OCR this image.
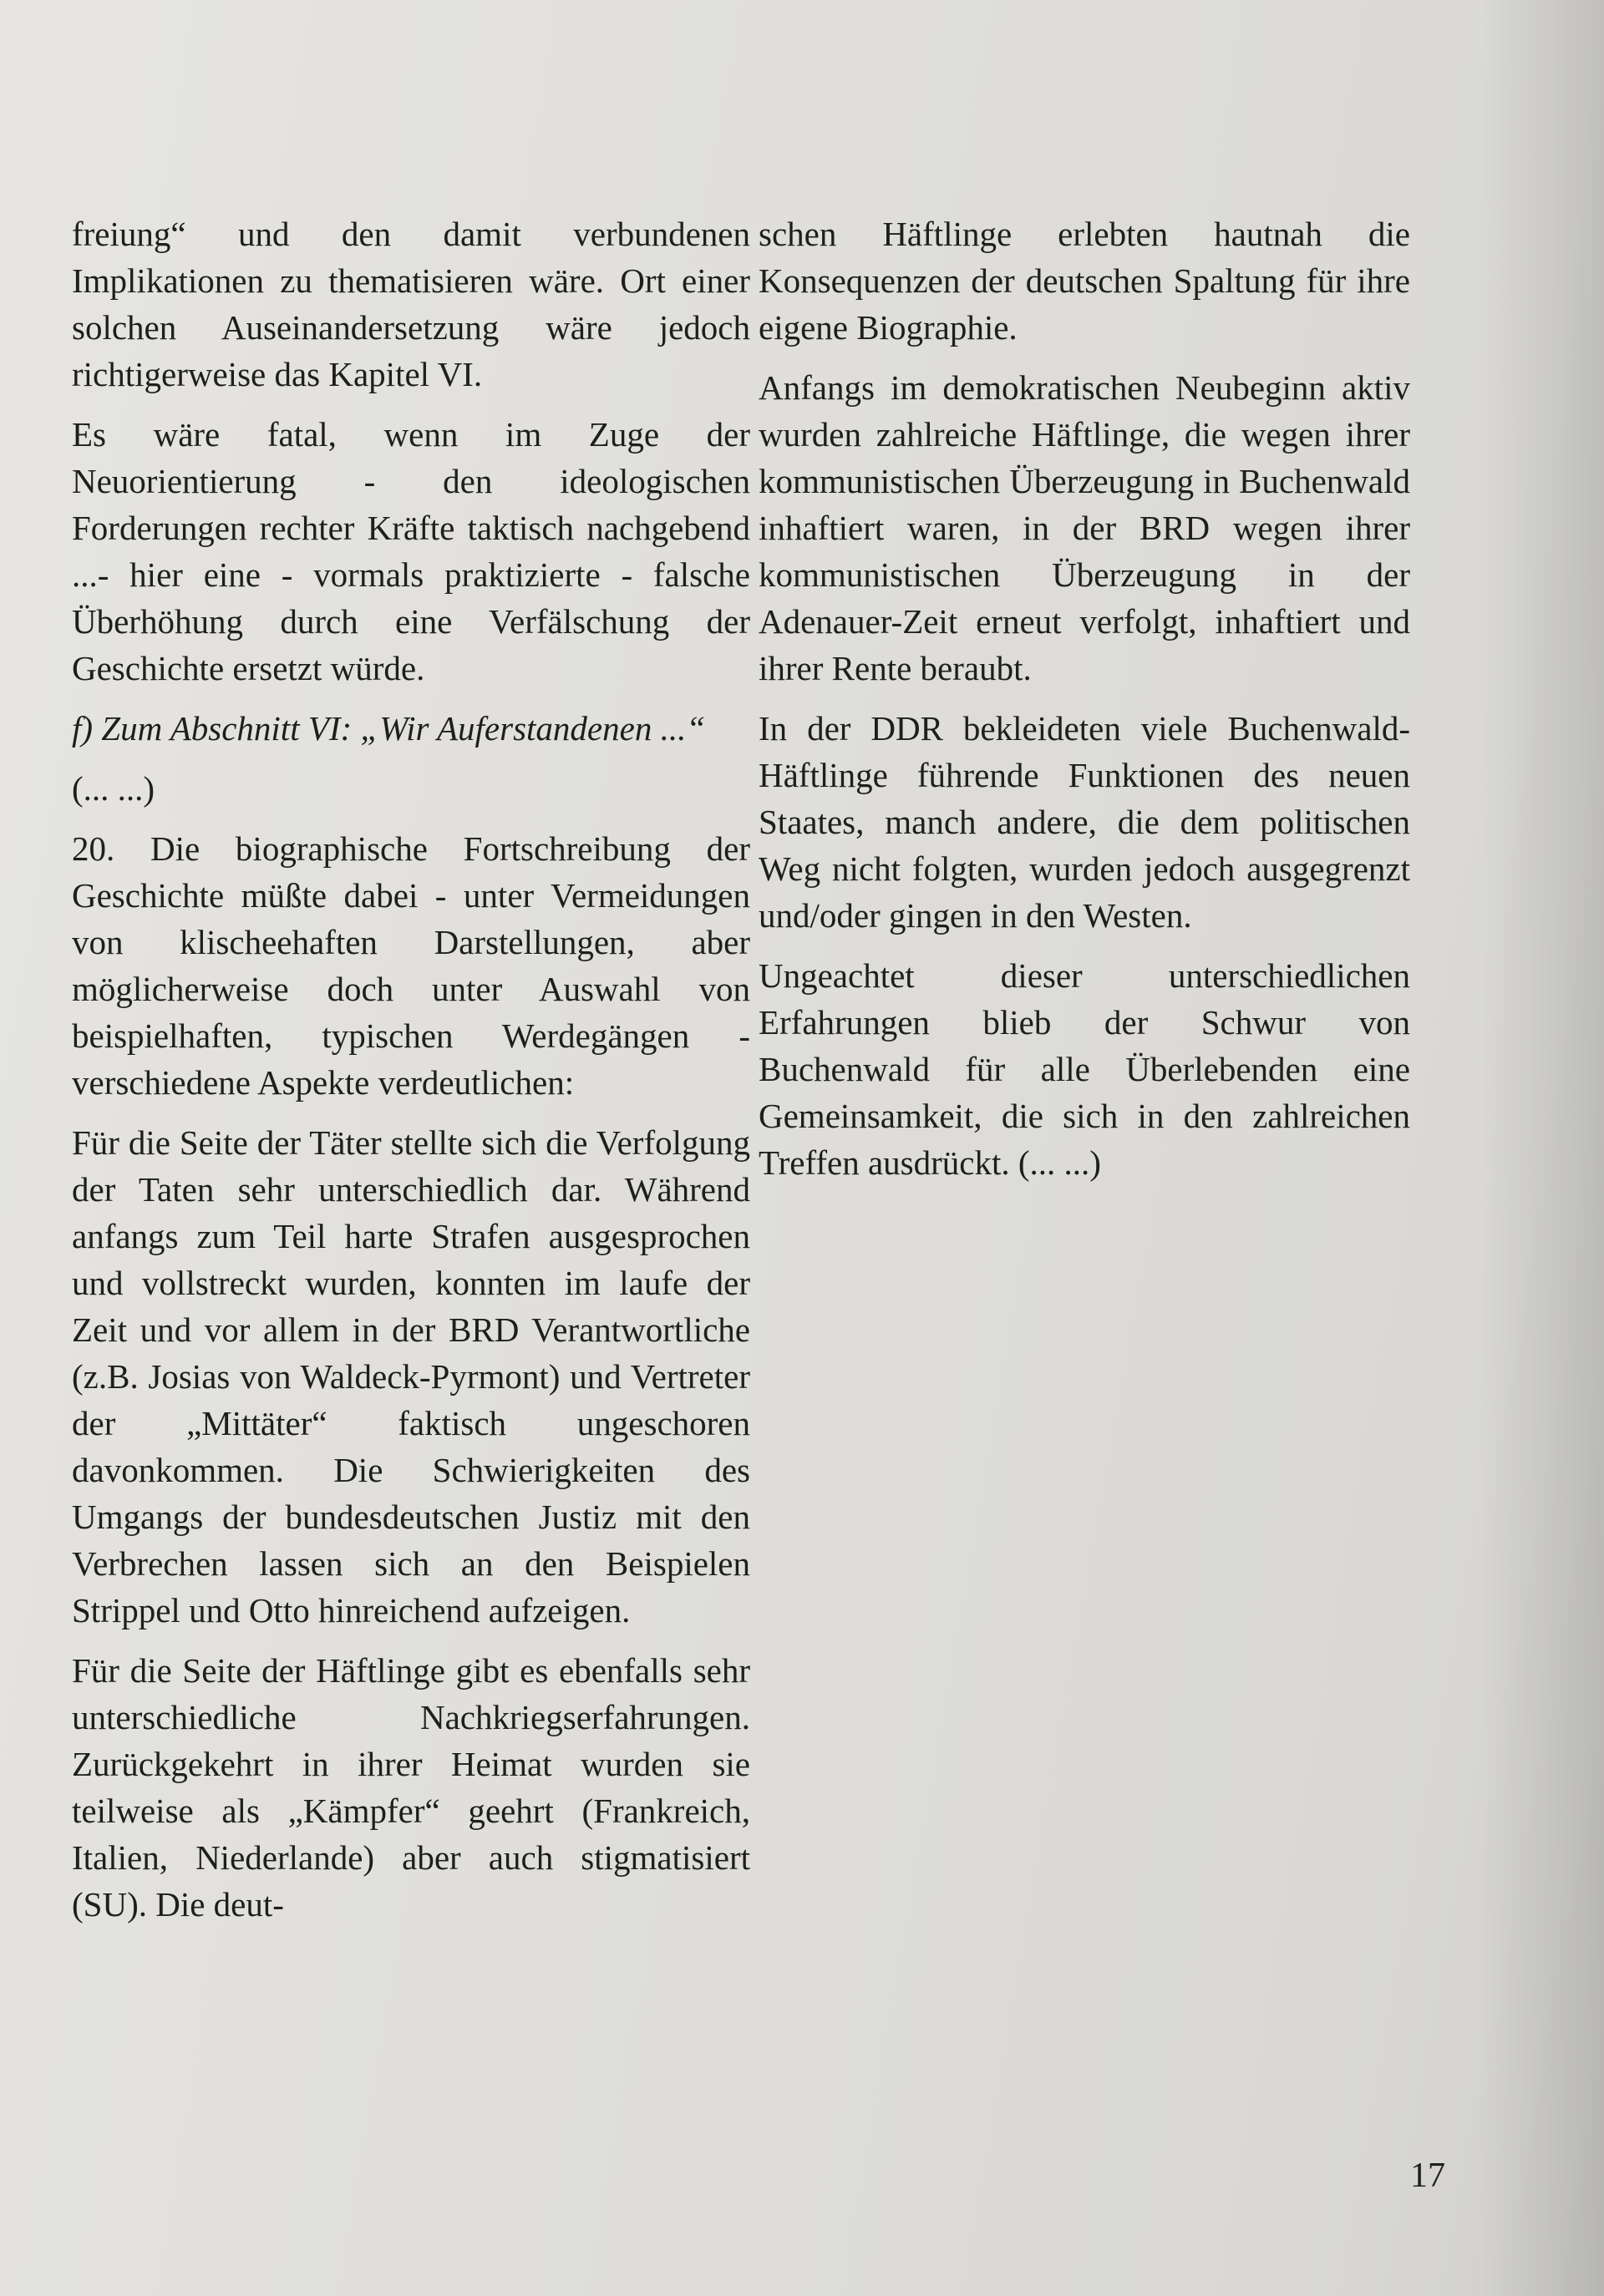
freiung“ und den damit verbundenen Implikationen zu thematisieren wäre. Ort einer solchen Auseinandersetzung wäre jedoch richtigerweise das Kapitel VI.

Es wäre fatal, wenn im Zuge der Neuorientierung - den ideologischen Forderungen rechter Kräfte taktisch nachgebend ...- hier eine - vormals praktizierte - falsche Überhöhung durch eine Verfälschung der Geschichte ersetzt würde.

f) Zum Abschnitt VI: „Wir Auferstandenen ...“

(... ...)

20. Die biographische Fortschreibung der Geschichte müßte dabei - unter Vermeidungen von klischeehaften Darstellungen, aber möglicherweise doch unter Auswahl von beispielhaften, typischen Werdegängen - verschiedene Aspekte verdeutlichen:

Für die Seite der Täter stellte sich die Verfolgung der Taten sehr unterschiedlich dar. Während anfangs zum Teil harte Strafen ausgesprochen und vollstreckt wurden, konnten im laufe der Zeit und vor allem in der BRD Verantwortliche (z.B. Josias von Waldeck-Pyrmont) und Vertreter der „Mittäter“ faktisch ungeschoren davonkommen. Die Schwierigkeiten des Umgangs der bundesdeutschen Justiz mit den Verbrechen lassen sich an den Beispielen Strippel und Otto hinreichend aufzeigen.

Für die Seite der Häftlinge gibt es ebenfalls sehr unterschiedliche Nachkriegserfahrungen. Zurückgekehrt in ihrer Heimat wurden sie teilweise als „Kämpfer“ geehrt (Frankreich, Italien, Niederlande) aber auch stigmatisiert (SU). Die deut-

schen Häftlinge erlebten hautnah die Konsequenzen der deutschen Spaltung für ihre eigene Biographie.

Anfangs im demokratischen Neubeginn aktiv wurden zahlreiche Häftlinge, die wegen ihrer kommunistischen Überzeugung in Buchenwald inhaftiert waren, in der BRD wegen ihrer kommunistischen Überzeugung in der Adenauer-Zeit erneut verfolgt, inhaftiert und ihrer Rente beraubt.

In der DDR bekleideten viele Buchenwald-Häftlinge führende Funktionen des neuen Staates, manch andere, die dem politischen Weg nicht folgten, wurden jedoch ausgegrenzt und/oder gingen in den Westen.

Ungeachtet dieser unterschiedlichen Erfahrungen blieb der Schwur von Buchenwald für alle Überlebenden eine Gemeinsamkeit, die sich in den zahlreichen Treffen ausdrückt. (... ...)

17
